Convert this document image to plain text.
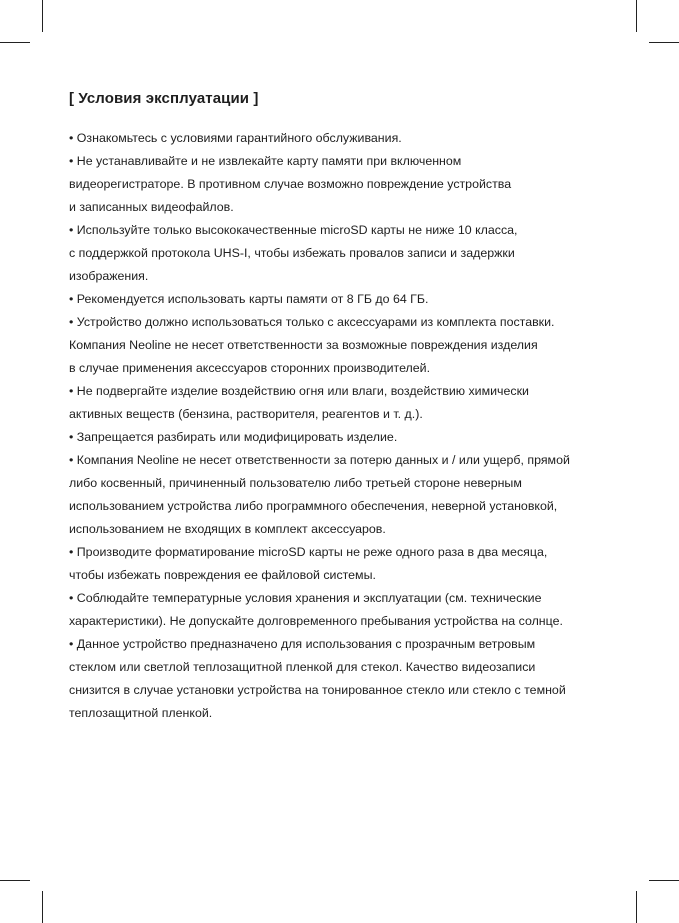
[ Условия эксплуатации ]
• Ознакомьтесь с условиями гарантийного обслуживания.
• Не устанавливайте и не извлекайте карту памяти при включенном
видеорегистраторе. В противном случае возможно повреждение устройства
и записанных видеофайлов.
• Используйте только высококачественные microSD карты не ниже 10 класса,
с поддержкой протокола UHS-I, чтобы избежать провалов записи и задержки
изображения.
• Рекомендуется использовать карты памяти от 8 ГБ до 64 ГБ.
• Устройство должно использоваться только с аксессуарами из комплекта поставки.
Компания Neoline не несет ответственности за возможные повреждения изделия
в случае применения аксессуаров сторонних производителей.
• Не подвергайте изделие воздействию огня или влаги, воздействию химически
активных веществ (бензина, растворителя, реагентов и т. д.).
• Запрещается разбирать или модифицировать изделие.
• Компания Neoline не несет ответственности за потерю данных и / или ущерб, прямой
либо косвенный, причиненный пользователю либо третьей стороне неверным
использованием устройства либо программного обеспечения, неверной установкой,
использованием не входящих в комплект аксессуаров.
• Производите форматирование microSD карты не реже одного раза в два месяца,
чтобы избежать повреждения ее файловой системы.
• Соблюдайте температурные условия хранения и эксплуатации (см. технические
характеристики). Не допускайте долговременного пребывания устройства на солнце.
• Данное устройство предназначено для использования с прозрачным ветровым
стеклом или светлой теплозащитной пленкой для стекол. Качество видеозаписи
снизится в случае установки устройства на тонированное стекло или стекло с темной
теплозащитной пленкой.
